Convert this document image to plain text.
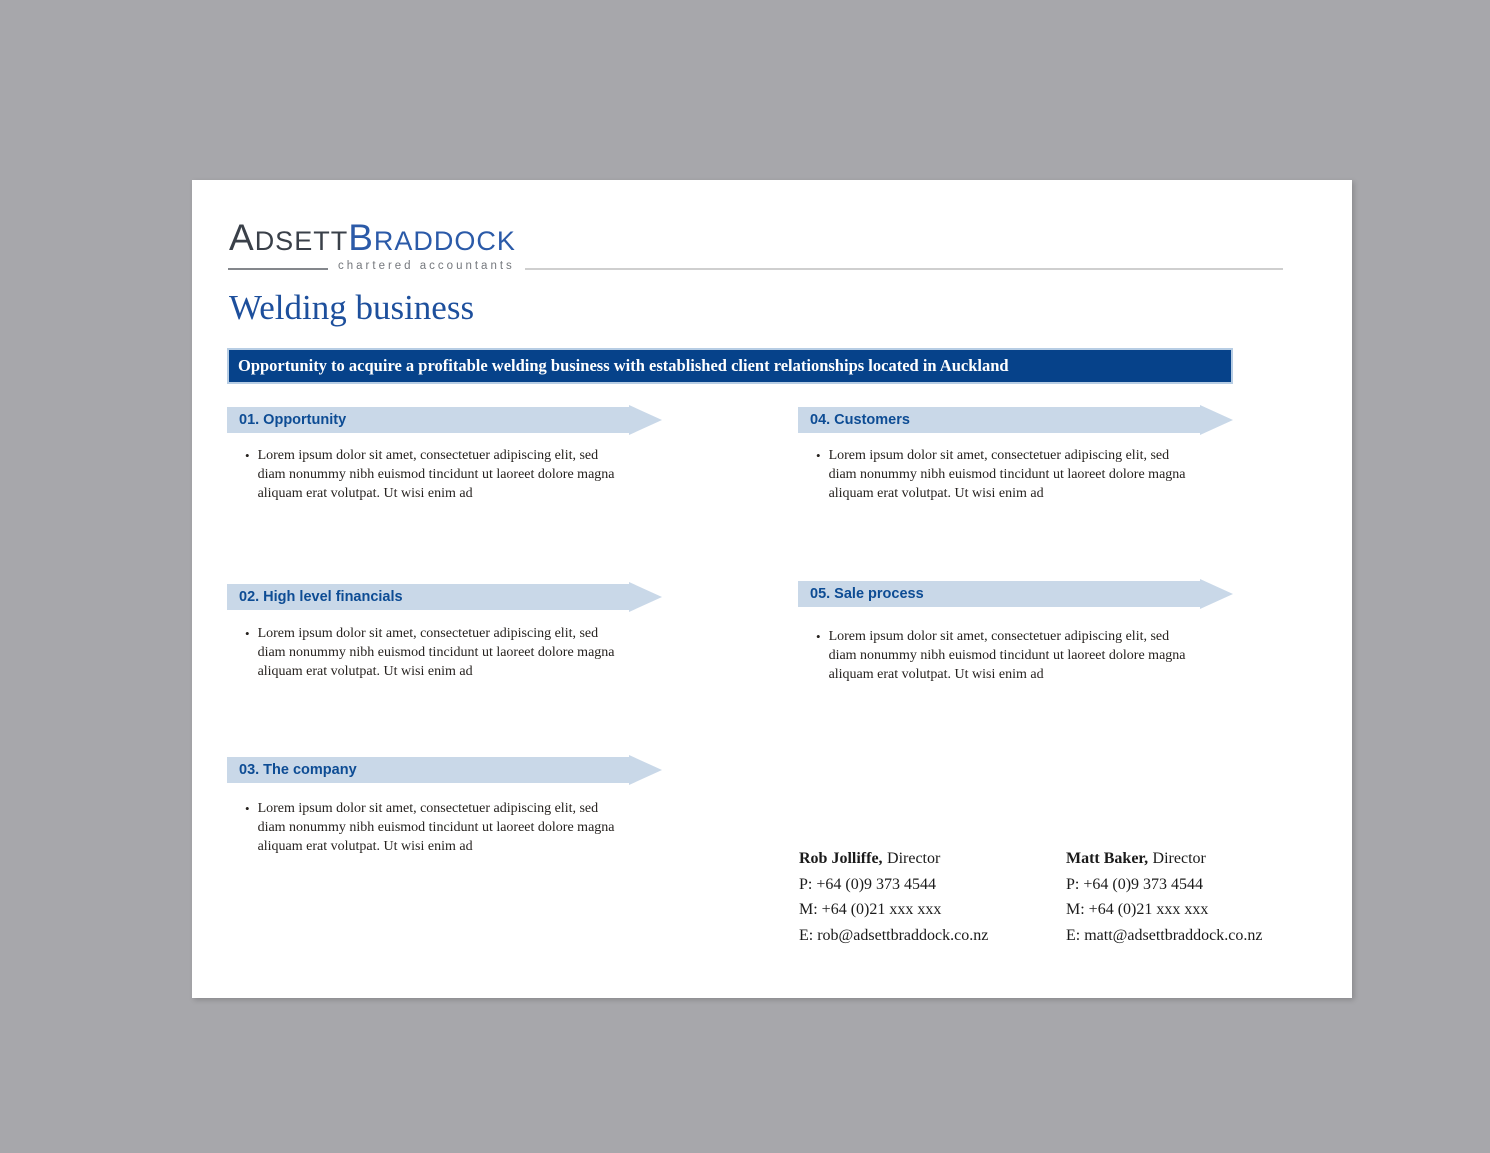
ADSETTBRADDOCK
chartered accountants
Welding business
Opportunity to acquire a profitable welding business with established client relationships located in Auckland
01. Opportunity
• Lorem ipsum dolor sit amet, consectetuer adipiscing elit, sed diam nonummy nibh euismod tincidunt ut laoreet dolore magna aliquam erat volutpat. Ut wisi enim ad
02. High level financials
• Lorem ipsum dolor sit amet, consectetuer adipiscing elit, sed diam nonummy nibh euismod tincidunt ut laoreet dolore magna aliquam erat volutpat. Ut wisi enim ad
03. The company
• Lorem ipsum dolor sit amet, consectetuer adipiscing elit, sed diam nonummy nibh euismod tincidunt ut laoreet dolore magna aliquam erat volutpat. Ut wisi enim ad
04. Customers
• Lorem ipsum dolor sit amet, consectetuer adipiscing elit, sed diam nonummy nibh euismod tincidunt ut laoreet dolore magna aliquam erat volutpat. Ut wisi enim ad
05. Sale process
• Lorem ipsum dolor sit amet, consectetuer adipiscing elit, sed diam nonummy nibh euismod tincidunt ut laoreet dolore magna aliquam erat volutpat. Ut wisi enim ad
Rob Jolliffe, Director
P: +64 (0)9 373 4544
M: +64 (0)21 xxx xxx
E: rob@adsettbraddock.co.nz
Matt Baker, Director
P: +64 (0)9 373 4544
M: +64 (0)21 xxx xxx
E: matt@adsettbraddock.co.nz
